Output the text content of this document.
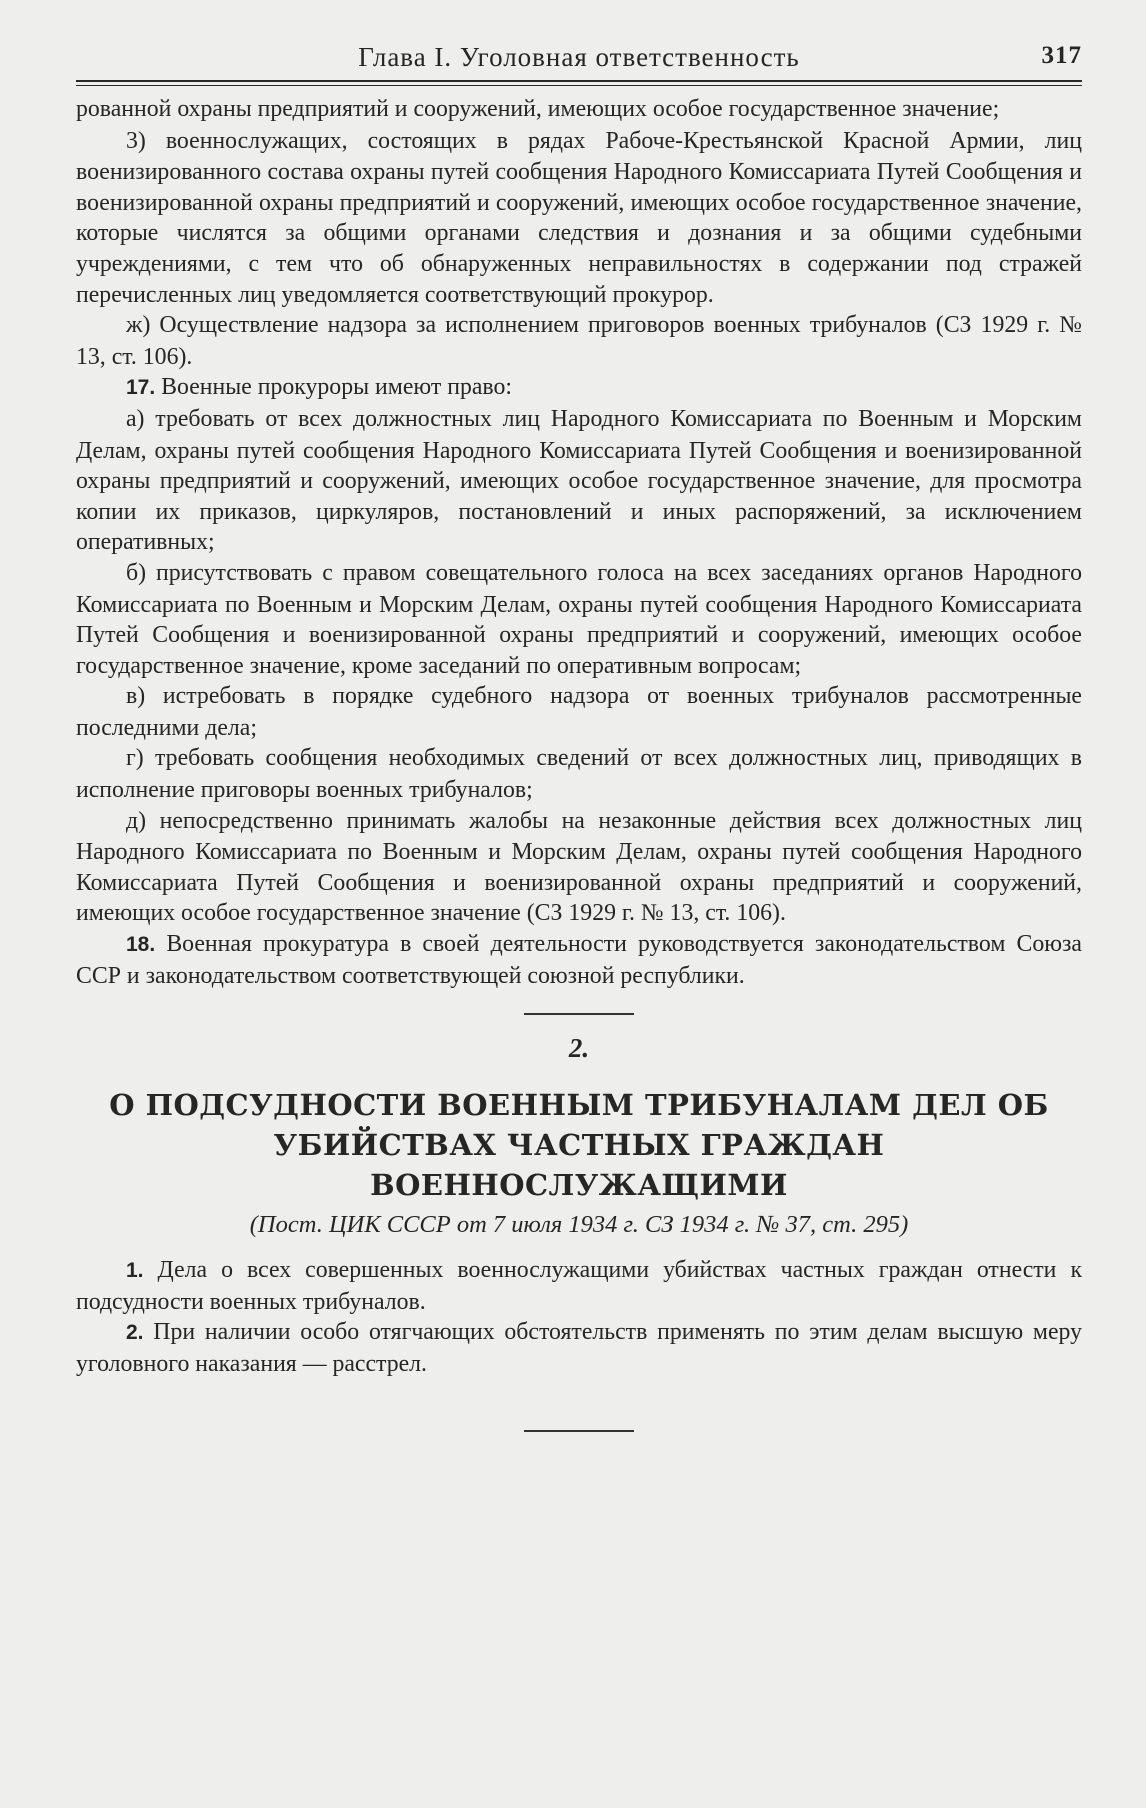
Глава I. Уголовная ответственность	317

рованной охраны предприятий и сооружений, имеющих особое государственное значение;

3) военнослужащих, состоящих в рядах Рабоче-Крестьянской Красной Армии, лиц военизированного состава охраны путей сообщения Народного Комиссариата Путей Сообщения и военизированной охраны предприятий и сооружений, имеющих особое государственное значение, которые числятся за общими органами следствия и дознания и за общими судебными учреждениями, с тем что об обнаруженных неправильностях в содержании под стражей перечисленных лиц уведомляется соответствующий прокурор.

ж) Осуществление надзора за исполнением приговоров военных трибуналов (СЗ 1929 г. № 13, ст. 106).

17. Военные прокуроры имеют право:

а) требовать от всех должностных лиц Народного Комиссариата по Военным и Морским Делам, охраны путей сообщения Народного Комиссариата Путей Сообщения и военизированной охраны предприятий и сооружений, имеющих особое государственное значение, для просмотра копии их приказов, циркуляров, постановлений и иных распоряжений, за исключением оперативных;

б) присутствовать с правом совещательного голоса на всех заседаниях органов Народного Комиссариата по Военным и Морским Делам, охраны путей сообщения Народного Комиссариата Путей Сообщения и военизированной охраны предприятий и сооружений, имеющих особое государственное значение, кроме заседаний по оперативным вопросам;

в) истребовать в порядке судебного надзора от военных трибуналов рассмотренные последними дела;

г) требовать сообщения необходимых сведений от всех должностных лиц, приводящих в исполнение приговоры военных трибуналов;

д) непосредственно принимать жалобы на незаконные действия всех должностных лиц Народного Комиссариата по Военным и Морским Делам, охраны путей сообщения Народного Комиссариата Путей Сообщения и военизированной охраны предприятий и сооружений, имеющих особое государственное значение (СЗ 1929 г. № 13, ст. 106).

18. Военная прокуратура в своей деятельности руководствуется законодательством Союза ССР и законодательством соответствующей союзной республики.

2.
О ПОДСУДНОСТИ ВОЕННЫМ ТРИБУНАЛАМ ДЕЛ ОБ УБИЙСТВАХ ЧАСТНЫХ ГРАЖДАН ВОЕННОСЛУЖАЩИМИ
(Пост. ЦИК СССР от 7 июля 1934 г. СЗ 1934 г. № 37, ст. 295)

1. Дела о всех совершенных военнослужащими убийствах частных граждан отнести к подсудности военных трибуналов.

2. При наличии особо отягчающих обстоятельств применять по этим делам высшую меру уголовного наказания — расстрел.
